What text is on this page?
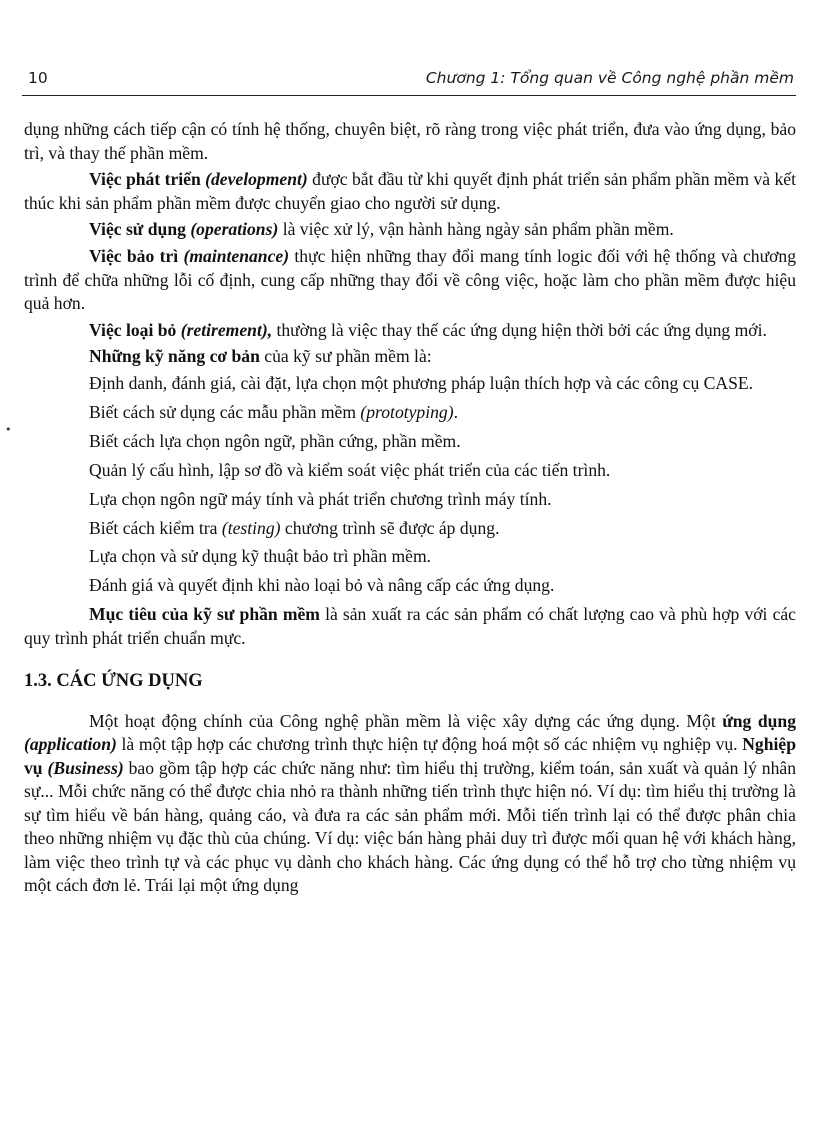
10	Chương 1: Tổng quan về Công nghệ phần mềm
•

dụng những cách tiếp cận có tính hệ thống, chuyên biệt, rõ ràng trong việc phát triển, đưa vào ứng dụng, bảo trì, và thay thế phần mềm.

Việc phát triển (development) được bắt đầu từ khi quyết định phát triển sản phẩm phần mềm và kết thúc khi sản phẩm phần mềm được chuyển giao cho người sử dụng.

Việc sử dụng (operations) là việc xử lý, vận hành hàng ngày sản phẩm phần mềm.

Việc bảo trì (maintenance) thực hiện những thay đổi mang tính logic đối với hệ thống và chương trình để chữa những lỗi cố định, cung cấp những thay đổi về công việc, hoặc làm cho phần mềm được hiệu quả hơn.

Việc loại bỏ (retirement), thường là việc thay thế các ứng dụng hiện thời bởi các ứng dụng mới.

Những kỹ năng cơ bản của kỹ sư phần mềm là:

Định danh, đánh giá, cài đặt, lựa chọn một phương pháp luận thích hợp và các công cụ CASE.

Biết cách sử dụng các mẫu phần mềm (prototyping).

Biết cách lựa chọn ngôn ngữ, phần cứng, phần mềm.

Quản lý cấu hình, lập sơ đồ và kiểm soát việc phát triển của các tiến trình.

Lựa chọn ngôn ngữ máy tính và phát triển chương trình máy tính.

Biết cách kiểm tra (testing) chương trình sẽ được áp dụng.

Lựa chọn và sử dụng kỹ thuật bảo trì phần mềm.

Đánh giá và quyết định khi nào loại bỏ và nâng cấp các ứng dụng.

Mục tiêu của kỹ sư phần mềm là sản xuất ra các sản phẩm có chất lượng cao và phù hợp với các quy trình phát triển chuẩn mực.

1.3. CÁC ỨNG DỤNG

Một hoạt động chính của Công nghệ phần mềm là việc xây dựng các ứng dụng. Một ứng dụng (application) là một tập hợp các chương trình thực hiện tự động hoá một số các nhiệm vụ nghiệp vụ. Nghiệp vụ (Business) bao gồm tập hợp các chức năng như: tìm hiểu thị trường, kiểm toán, sản xuất và quản lý nhân sự... Mỗi chức năng có thể được chia nhỏ ra thành những tiến trình thực hiện nó. Ví dụ: tìm hiểu thị trường là sự tìm hiểu về bán hàng, quảng cáo, và đưa ra các sản phẩm mới. Mỗi tiến trình lại có thể được phân chia theo những nhiệm vụ đặc thù của chúng. Ví dụ: việc bán hàng phải duy trì được mối quan hệ với khách hàng, làm việc theo trình tự và các phục vụ dành cho khách hàng. Các ứng dụng có thể hỗ trợ cho từng nhiệm vụ một cách đơn lẻ. Trái lại một ứng dụng
